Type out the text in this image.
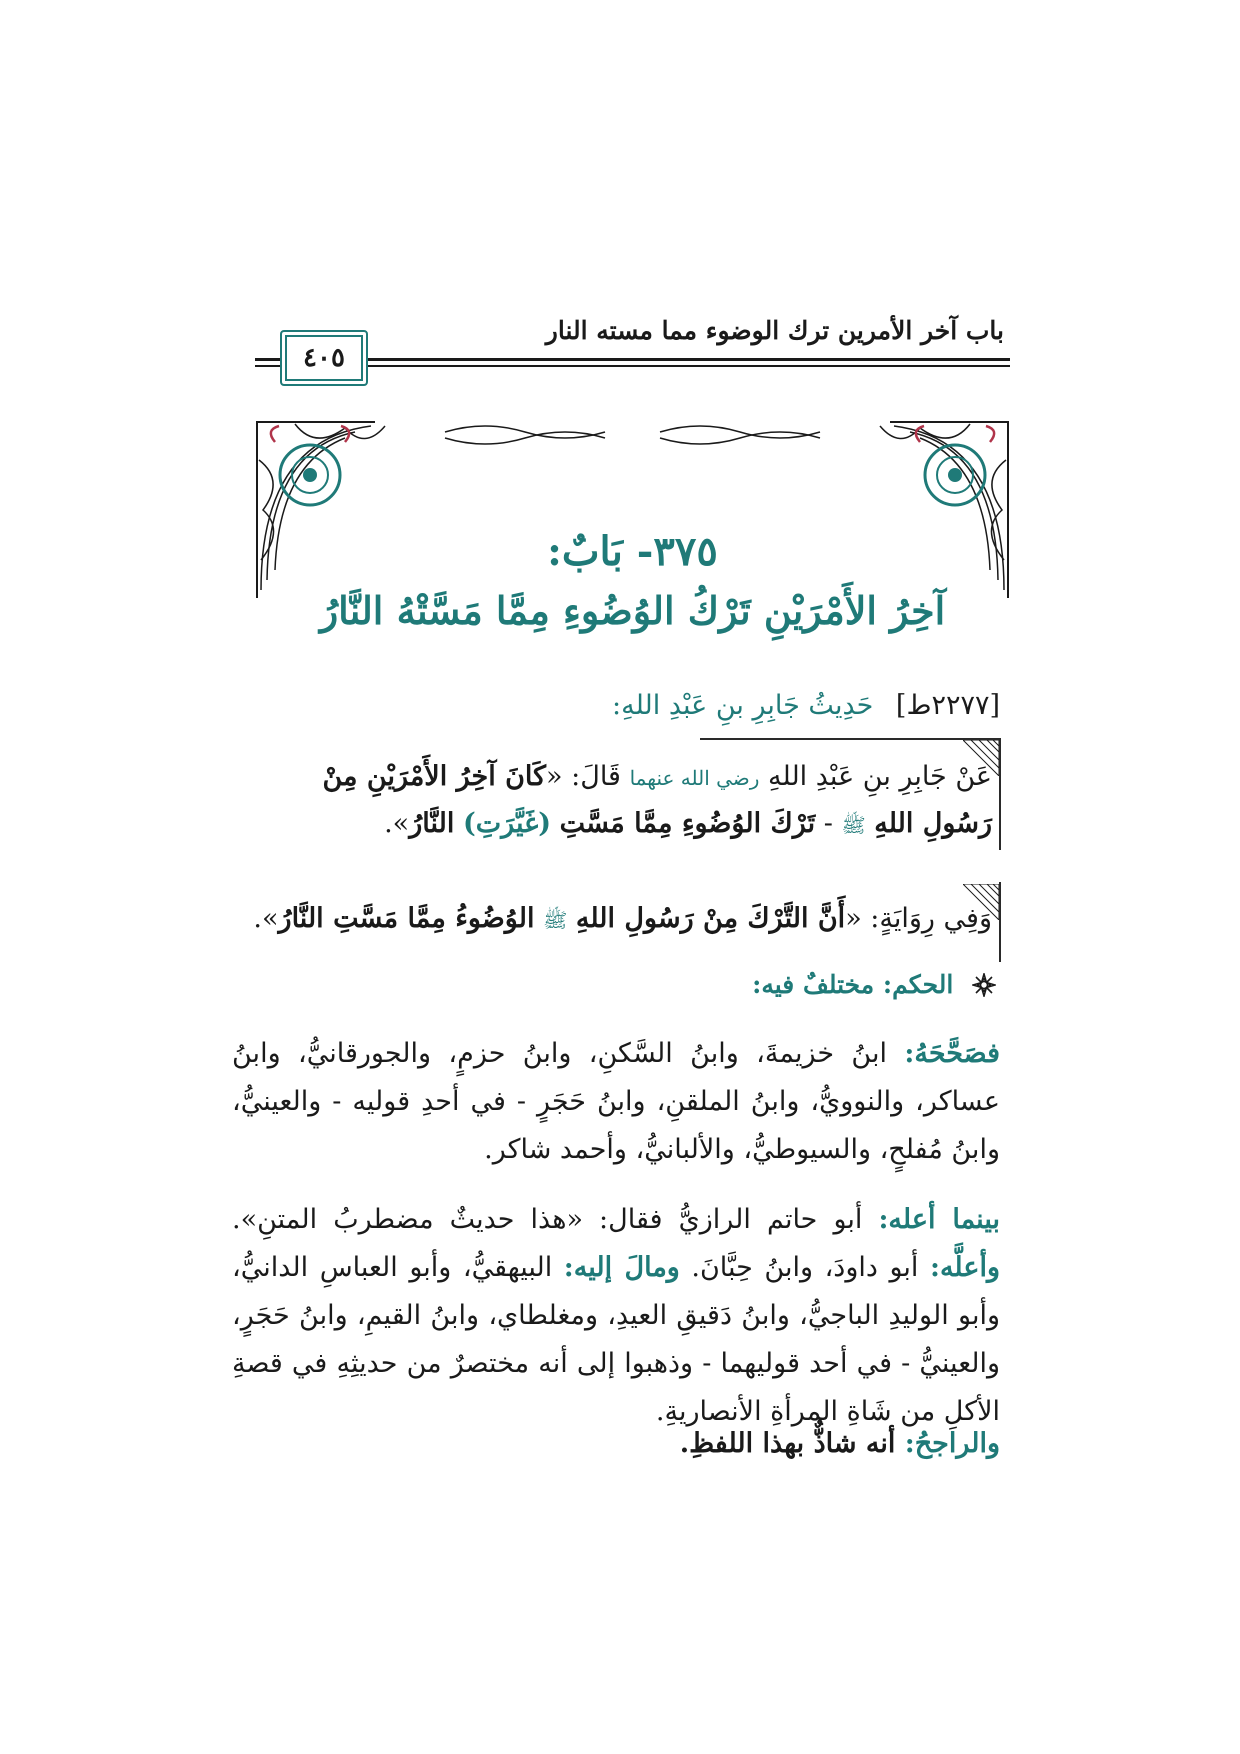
باب آخر الأمرين ترك الوضوء مما مسته النار
٤٠٥
٣٧٥- بَابٌ:
آخِرُ الأَمْرَيْنِ تَرْكُ الوُضُوءِ مِمَّا مَسَّتْهُ النَّارُ
[٢٢٧٧ط] حَدِيثُ جَابِرِ بنِ عَبْدِ اللهِ:
عَنْ جَابِرِ بنِ عَبْدِ اللهِ رضي الله عنهما قَالَ: «كَانَ آخِرُ الأَمْرَيْنِ مِنْ رَسُولِ اللهِ ﷺ - تَرْكَ الوُضُوءِ مِمَّا مَسَّتِ (غَيَّرَتِ) النَّارُ».
وَفِي رِوَايَةٍ: «أَنَّ التَّرْكَ مِنْ رَسُولِ اللهِ ﷺ الوُضُوءُ مِمَّا مَسَّتِ النَّارُ».
الحكم: مختلفٌ فيه:
فصَحَّحَهُ: ابنُ خزيمةَ، وابنُ السَّكنِ، وابنُ حزمٍ، والجورقانيُّ، وابنُ عساكر، والنوويُّ، وابنُ الملقنِ، وابنُ حَجَرٍ - في أحدِ قوليه - والعينيُّ، وابنُ مُفلحٍ، والسيوطيُّ، والألبانيُّ، وأحمد شاكر.
بينما أعله: أبو حاتم الرازيُّ فقال: «هذا حديثٌ مضطربُ المتنِ». وأعلَّه: أبو داودَ، وابنُ حِبَّانَ. ومالَ إليه: البيهقيُّ، وأبو العباسِ الدانيُّ، وأبو الوليدِ الباجيُّ، وابنُ دَقيقِ العيدِ، ومغلطاي، وابنُ القيمِ، وابنُ حَجَرٍ، والعينيُّ - في أحد قوليهما - وذهبوا إلى أنه مختصرٌ من حديثِهِ في قصةِ الأكلِ من شَاةِ المرأةِ الأنصاريةِ.
والراجحُ: أنه شاذٌّ بهذا اللفظِ.
